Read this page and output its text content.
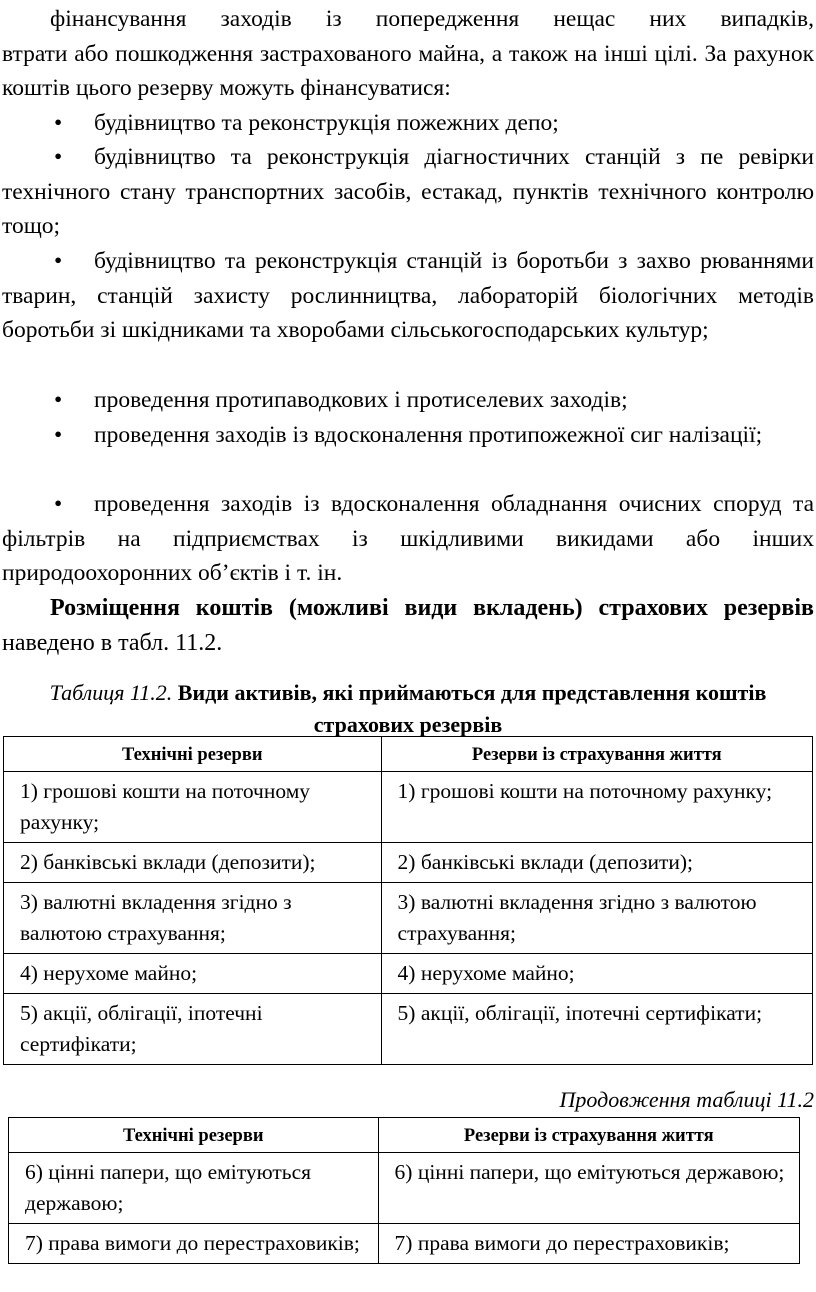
фінансування заходів із попередження нещас них випадків,
втрати або пошкодження застрахованого майна, а також на інші цілі. За рахунок коштів цього резерву можуть фінансуватися:

• будівництво та реконструкція пожежних депо;

• будівництво та реконструкція діагностичних станцій з пе ревірки технічного стану транспортних засобів, естакад, пунктів технічного контролю тощо;

• будівництво та реконструкція станцій із боротьби з захво рюваннями тварин, станцій захисту рослинництва, лабораторій біологічних методів боротьби зі шкідниками та хворобами сільськогосподарських культур;

• проведення протипаводкових і протиселевих заходів;

• проведення заходів із вдосконалення протипожежної сиг налізації;

• проведення заходів із вдосконалення обладнання очисних споруд та фільтрів на підприємствах із шкідливими викидами або інших природоохоронних об’єктів і т. ін.

Розміщення коштів (можливі види вкладень) страхових резервів наведено в табл. 11.2.

Таблиця 11.2. Види активів, які приймаються для представлення коштів страхових резервів

Технічні резерви	Резерви із страхування життя
1) грошові кошти на поточному рахунку;	1) грошові кошти на поточному рахунку;
2) банківські вклади (депозити);	2) банківські вклади (депозити);
3) валютні вкладення згідно з валютою страхування;	3) валютні вкладення згідно з валютою страхування;
4) нерухоме майно;	4) нерухоме майно;
5) акції, облігації, іпотечні сертифікати;	5) акції, облігації, іпотечні сертифікати;

Продовження таблиці 11.2

Технічні резерви	Резерви із страхування життя
6) цінні папери, що емітуються державою;	6) цінні папери, що емітуються державою;
7) права вимоги до перестраховиків;	7) права вимоги до перестраховиків;
